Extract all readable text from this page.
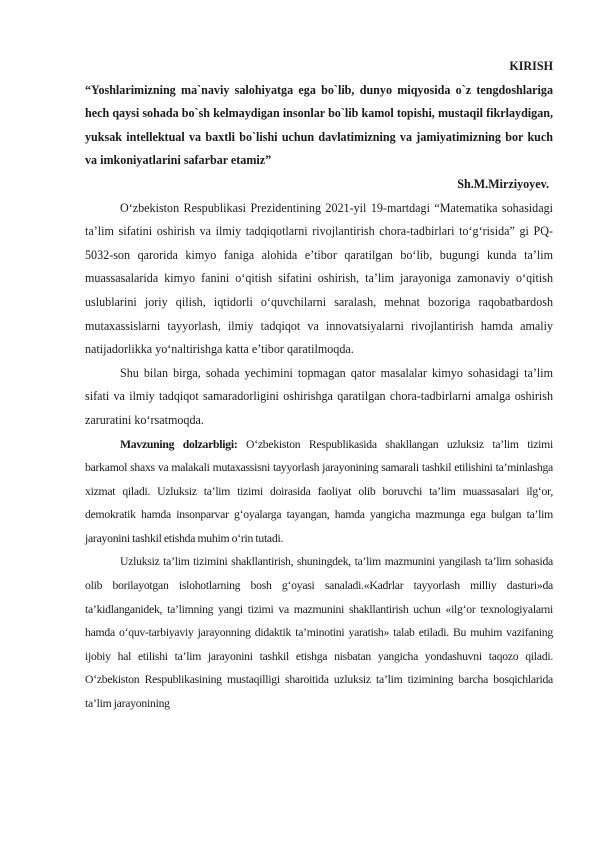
KIRISH

“Yoshlarimizning ma`naviy salohiyatga ega bo`lib, dunyo miqyosida o`z tengdoshlariga hech qaysi sohada bo`sh kelmaydigan insonlar bo`lib kamol topishi, mustaqil fikrlaydigan, yuksak intellektual va baxtli bo`lishi uchun davlatimizning va jamiyatimizning bor kuch va imkoniyatlarini safarbar etamiz”

Sh.M.Mirziyoyev.

O‘zbekiston Respublikasi Prezidentining 2021-yil 19-martdagi “Matematika sohasidagi ta’lim sifatini oshirish va ilmiy tadqiqotlarni rivojlantirish chora-tadbirlari to‘g‘risida” gi PQ-5032-son qarorida kimyo faniga alohida e’tibor qaratilgan bo‘lib, bugungi kunda ta’lim muassasalarida kimyo fanini o‘qitish sifatini oshirish, ta’lim jarayoniga zamonaviy o‘qitish uslublarini joriy qilish, iqtidorli o‘quvchilarni saralash, mehnat bozoriga raqobatbardosh mutaxassislarni tayyorlash, ilmiy tadqiqot va innovatsiyalarni rivojlantirish hamda amaliy natijadorlikka yo‘naltirishga katta e’tibor qaratilmoqda.

Shu bilan birga, sohada yechimini topmagan qator masalalar kimyo sohasidagi ta’lim sifati va ilmiy tadqiqot samaradorligini oshirishga qaratilgan chora-tadbirlarni amalga oshirish zaruratini ko‘rsatmoqda.

Mavzuning dolzarbligi: O‘zbekiston Respublikasida shakllangan uzluksiz ta’lim tizimi barkamol shaxs va malakali mutaxassisni tayyorlash jarayonining samarali tashkil etilishini ta’minlashga xizmat qiladi. Uzluksiz ta’lim tizimi doirasida faoliyat olib boruvchi ta’lim muassasalari ilg‘or, demokratik hamda insonparvar g‘oyalarga tayangan, hamda yangicha mazmunga ega bulgan ta’lim jarayonini tashkil etishda muhim o‘rin tutadi.

Uzluksiz ta’lim tizimini shakllantirish, shuningdek, ta’lim mazmunini yangilash ta’lim sohasida olib borilayotgan islohotlarning bosh g‘oyasi sanaladi.«Kadrlar tayyorlash milliy dasturi»da ta’kidlanganidek, ta’limning yangi tizimi va mazmunini shakllantirish uchun «ilg‘or texnologiyalarni hamda o‘quv-tarbiyaviy jarayonning didaktik ta’minotini yaratish» talab etiladi. Bu muhim vazifaning ijobiy hal etilishi ta’lim jarayonini tashkil etishga nisbatan yangicha yondashuvni taqozo qiladi. O‘zbekiston Respublikasining mustaqilligi sharoitida uzluksiz ta’lim tizimining barcha bosqichlarida ta’lim jarayonining
